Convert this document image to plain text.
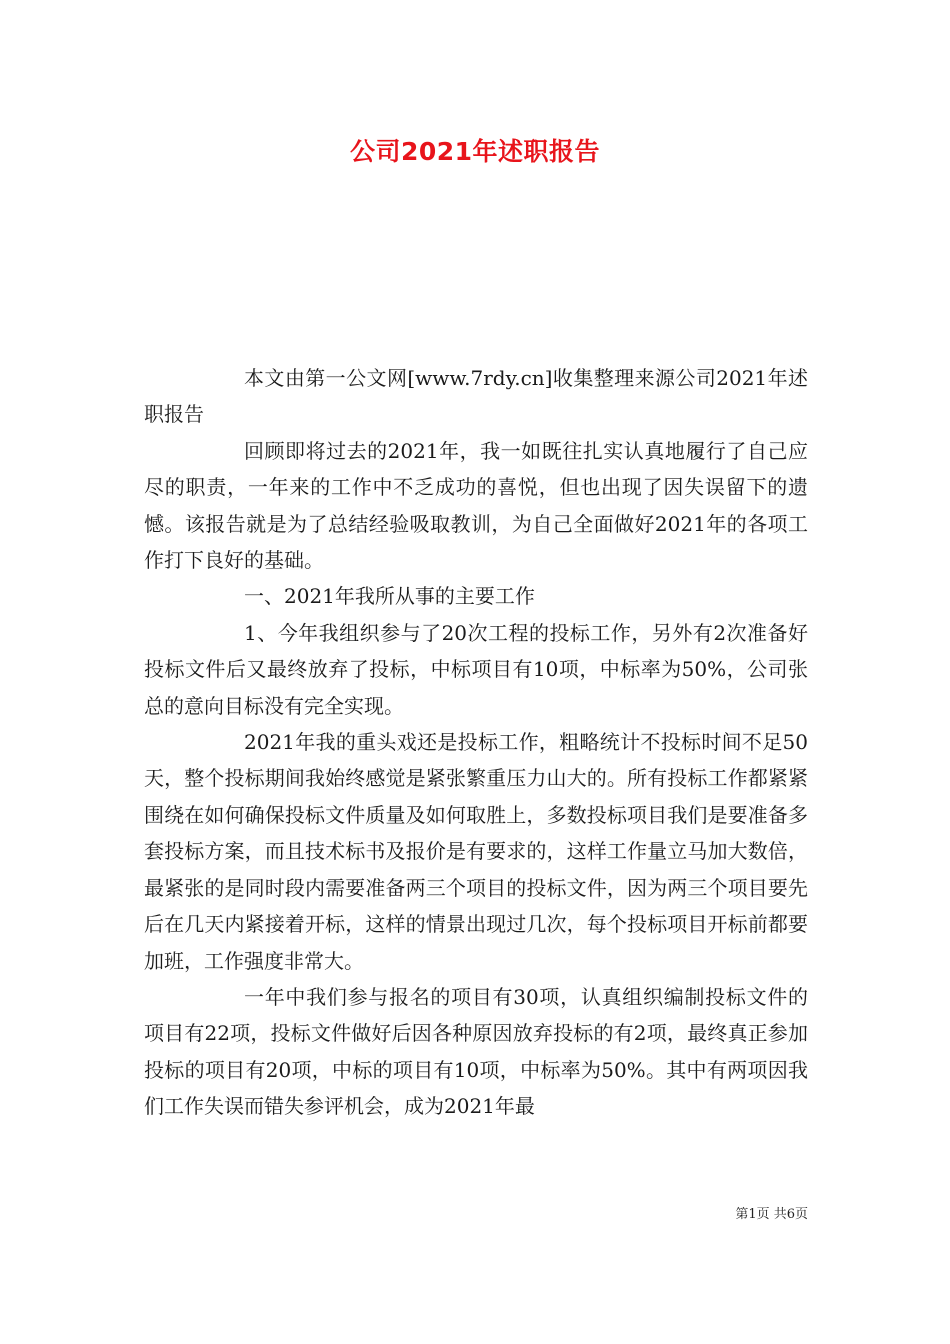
公司2021年述职报告

本文由第一公文网[www.7rdy.cn]收集整理来源公司2021年述职报告

回顾即将过去的2021年，我一如既往扎实认真地履行了自己应尽的职责，一年来的工作中不乏成功的喜悦，但也出现了因失误留下的遗憾。该报告就是为了总结经验吸取教训，为自己全面做好2021年的各项工作打下良好的基础。

一、2021年我所从事的主要工作

1、今年我组织参与了20次工程的投标工作，另外有2次准备好投标文件后又最终放弃了投标，中标项目有10项，中标率为50%，公司张总的意向目标没有完全实现。

2021年我的重头戏还是投标工作，粗略统计不投标时间不足50天，整个投标期间我始终感觉是紧张繁重压力山大的。所有投标工作都紧紧围绕在如何确保投标文件质量及如何取胜上，多数投标项目我们是要准备多套投标方案，而且技术标书及报价是有要求的，这样工作量立马加大数倍，最紧张的是同时段内需要准备两三个项目的投标文件，因为两三个项目要先后在几天内紧接着开标，这样的情景出现过几次，每个投标项目开标前都要加班，工作强度非常大。

一年中我们参与报名的项目有30项，认真组织编制投标文件的项目有22项，投标文件做好后因各种原因放弃投标的有2项，最终真正参加投标的项目有20项，中标的项目有10项，中标率为50%。其中有两项因我们工作失误而错失参评机会，成为2021年最

第1页 共6页
